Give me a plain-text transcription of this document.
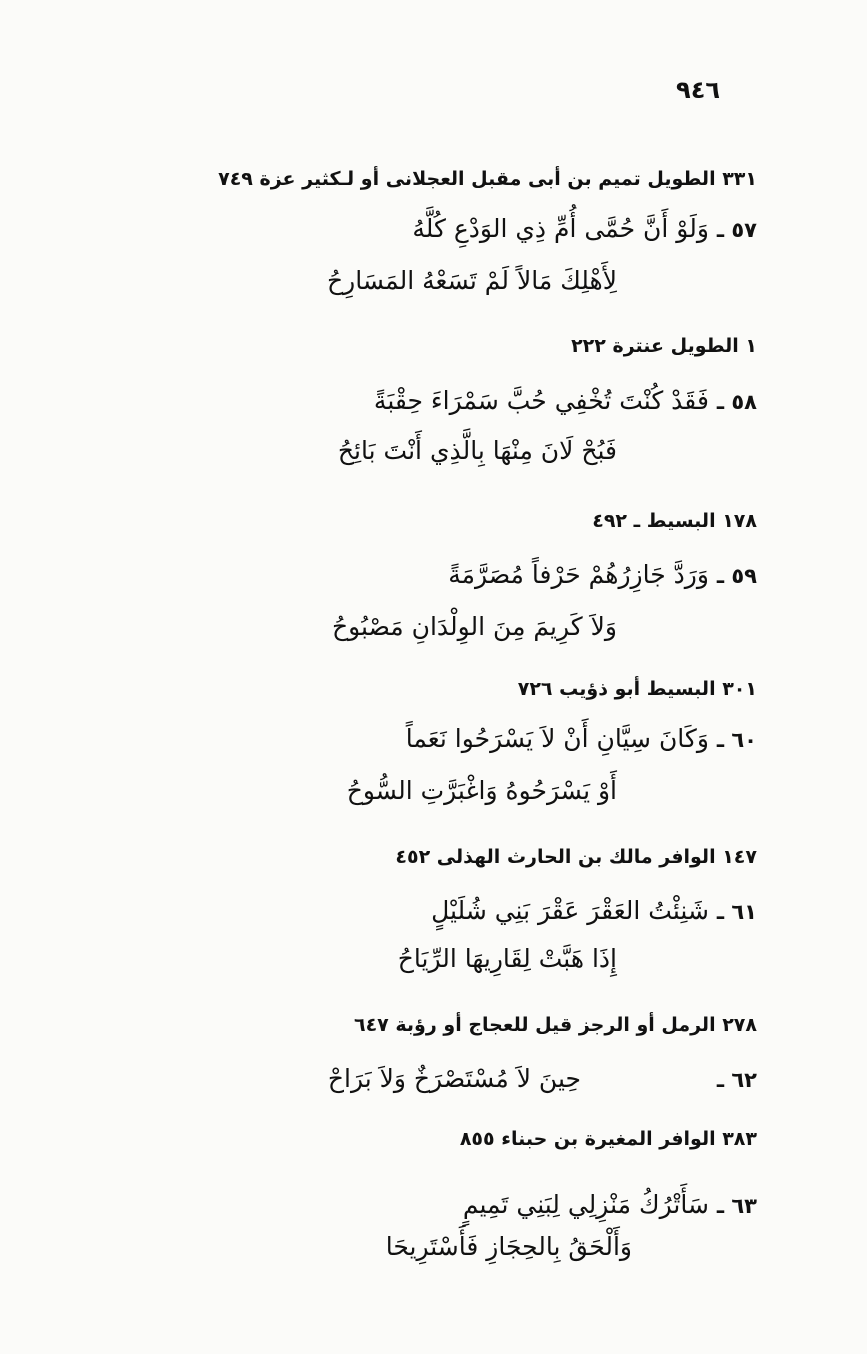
٩٤٦
٣٣١ الطويل تميم بن أبى مقبل العجلانى أو لـكثير عزة ٧٤٩
٥٧ ـ وَلَوْ أَنَّ حُمَّى أُمِّ ذِي الوَدْعِ كُلَّهُ
لِأَهْلِكَ مَالاً لَمْ تَسَعْهُ المَسَارِحُ
١ الطويل عنترة ٢٢٢
٥٨ ـ فَقَدْ كُنْتَ تُخْفِي حُبَّ سَمْرَاءَ حِقْبَةً
فَبُحْ لَانَ مِنْهَا بِالَّذِي أَنْتَ بَائِحُ
١٧٨ البسيط ـ ٤٩٢
٥٩ ـ وَرَدَّ جَازِرُهُمْ حَرْفاً مُصَرَّمَةً
وَلاَ كَرِيمَ مِنَ الوِلْدَانِ مَصْبُوحُ
٣٠١ البسيط أبو ذؤيب ٧٢٦
٦٠ ـ وَكَانَ سِيَّانِ أَنْ لاَ يَسْرَحُوا نَعَماً
أَوْ يَسْرَحُوهُ وَاغْبَرَّتِ السُّوحُ
١٤٧ الوافر مالك بن الحارث الهذلى ٤٥٢
٦١ ـ شَنِئْتُ العَقْرَ عَقْرَ بَنِي شُلَيْلٍ
إِذَا هَبَّتْ لِقَارِيهَا الرِّيَاحُ
٢٧٨ الرمل أو الرجز قيل للعجاج أو رؤبة ٦٤٧
٦٢ ـ  حِينَ لاَ مُسْتَصْرَخٌ وَلاَ بَرَاحْ
٣٨٣ الوافر المغيرة بن حبناء ٨٥٥
٦٣ ـ سَأَتْرُكُ مَنْزِلِي لِبَنِي تَمِيمٍ
وَأَلْحَقُ بِالحِجَازِ فَأَسْتَرِيحَا
